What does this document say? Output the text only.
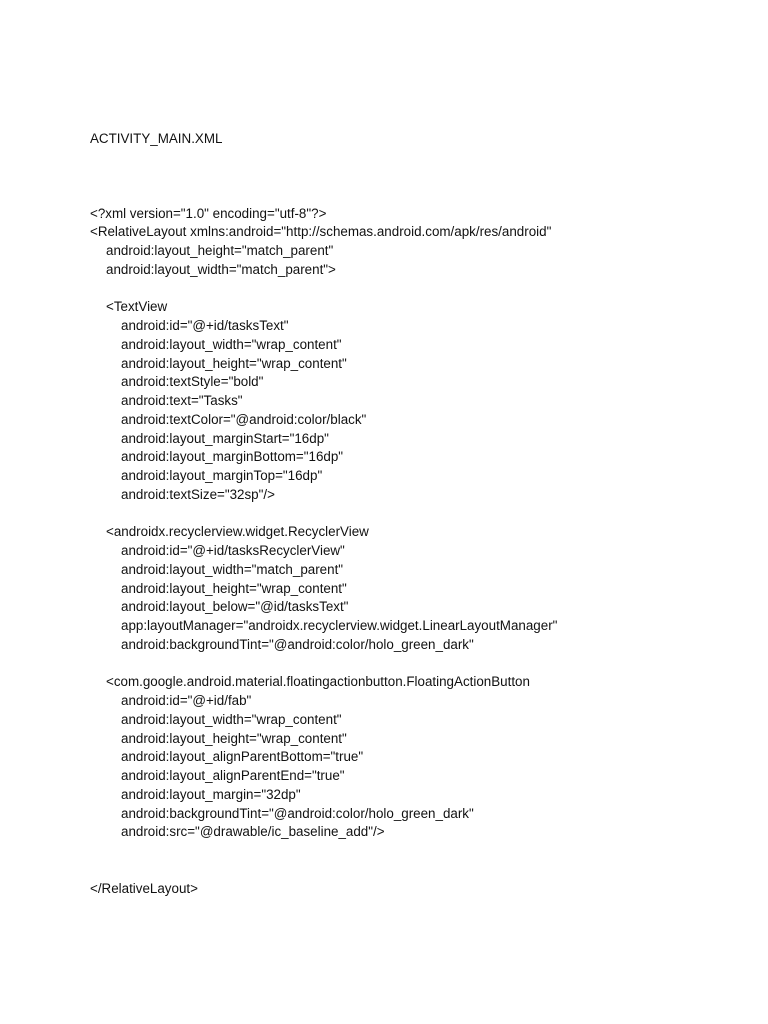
ACTIVITY_MAIN.XML

<?xml version="1.0" encoding="utf-8"?>
<RelativeLayout xmlns:android="http://schemas.android.com/apk/res/android"
android:layout_height="match_parent"
android:layout_width="match_parent">
<TextView
android:id="@+id/tasksText"
android:layout_width="wrap_content"
android:layout_height="wrap_content"
android:textStyle="bold"
android:text="Tasks"
android:textColor="@android:color/black"
android:layout_marginStart="16dp"
android:layout_marginBottom="16dp"
android:layout_marginTop="16dp"
android:textSize="32sp"/>
<androidx.recyclerview.widget.RecyclerView
android:id="@+id/tasksRecyclerView"
android:layout_width="match_parent"
android:layout_height="wrap_content"
android:layout_below="@id/tasksText"
app:layoutManager="androidx.recyclerview.widget.LinearLayoutManager"
android:backgroundTint="@android:color/holo_green_dark"
<com.google.android.material.floatingactionbutton.FloatingActionButton
android:id="@+id/fab"
android:layout_width="wrap_content"
android:layout_height="wrap_content"
android:layout_alignParentBottom="true"
android:layout_alignParentEnd="true"
android:layout_margin="32dp"
android:backgroundTint="@android:color/holo_green_dark"
android:src="@drawable/ic_baseline_add"/>
</RelativeLayout>
